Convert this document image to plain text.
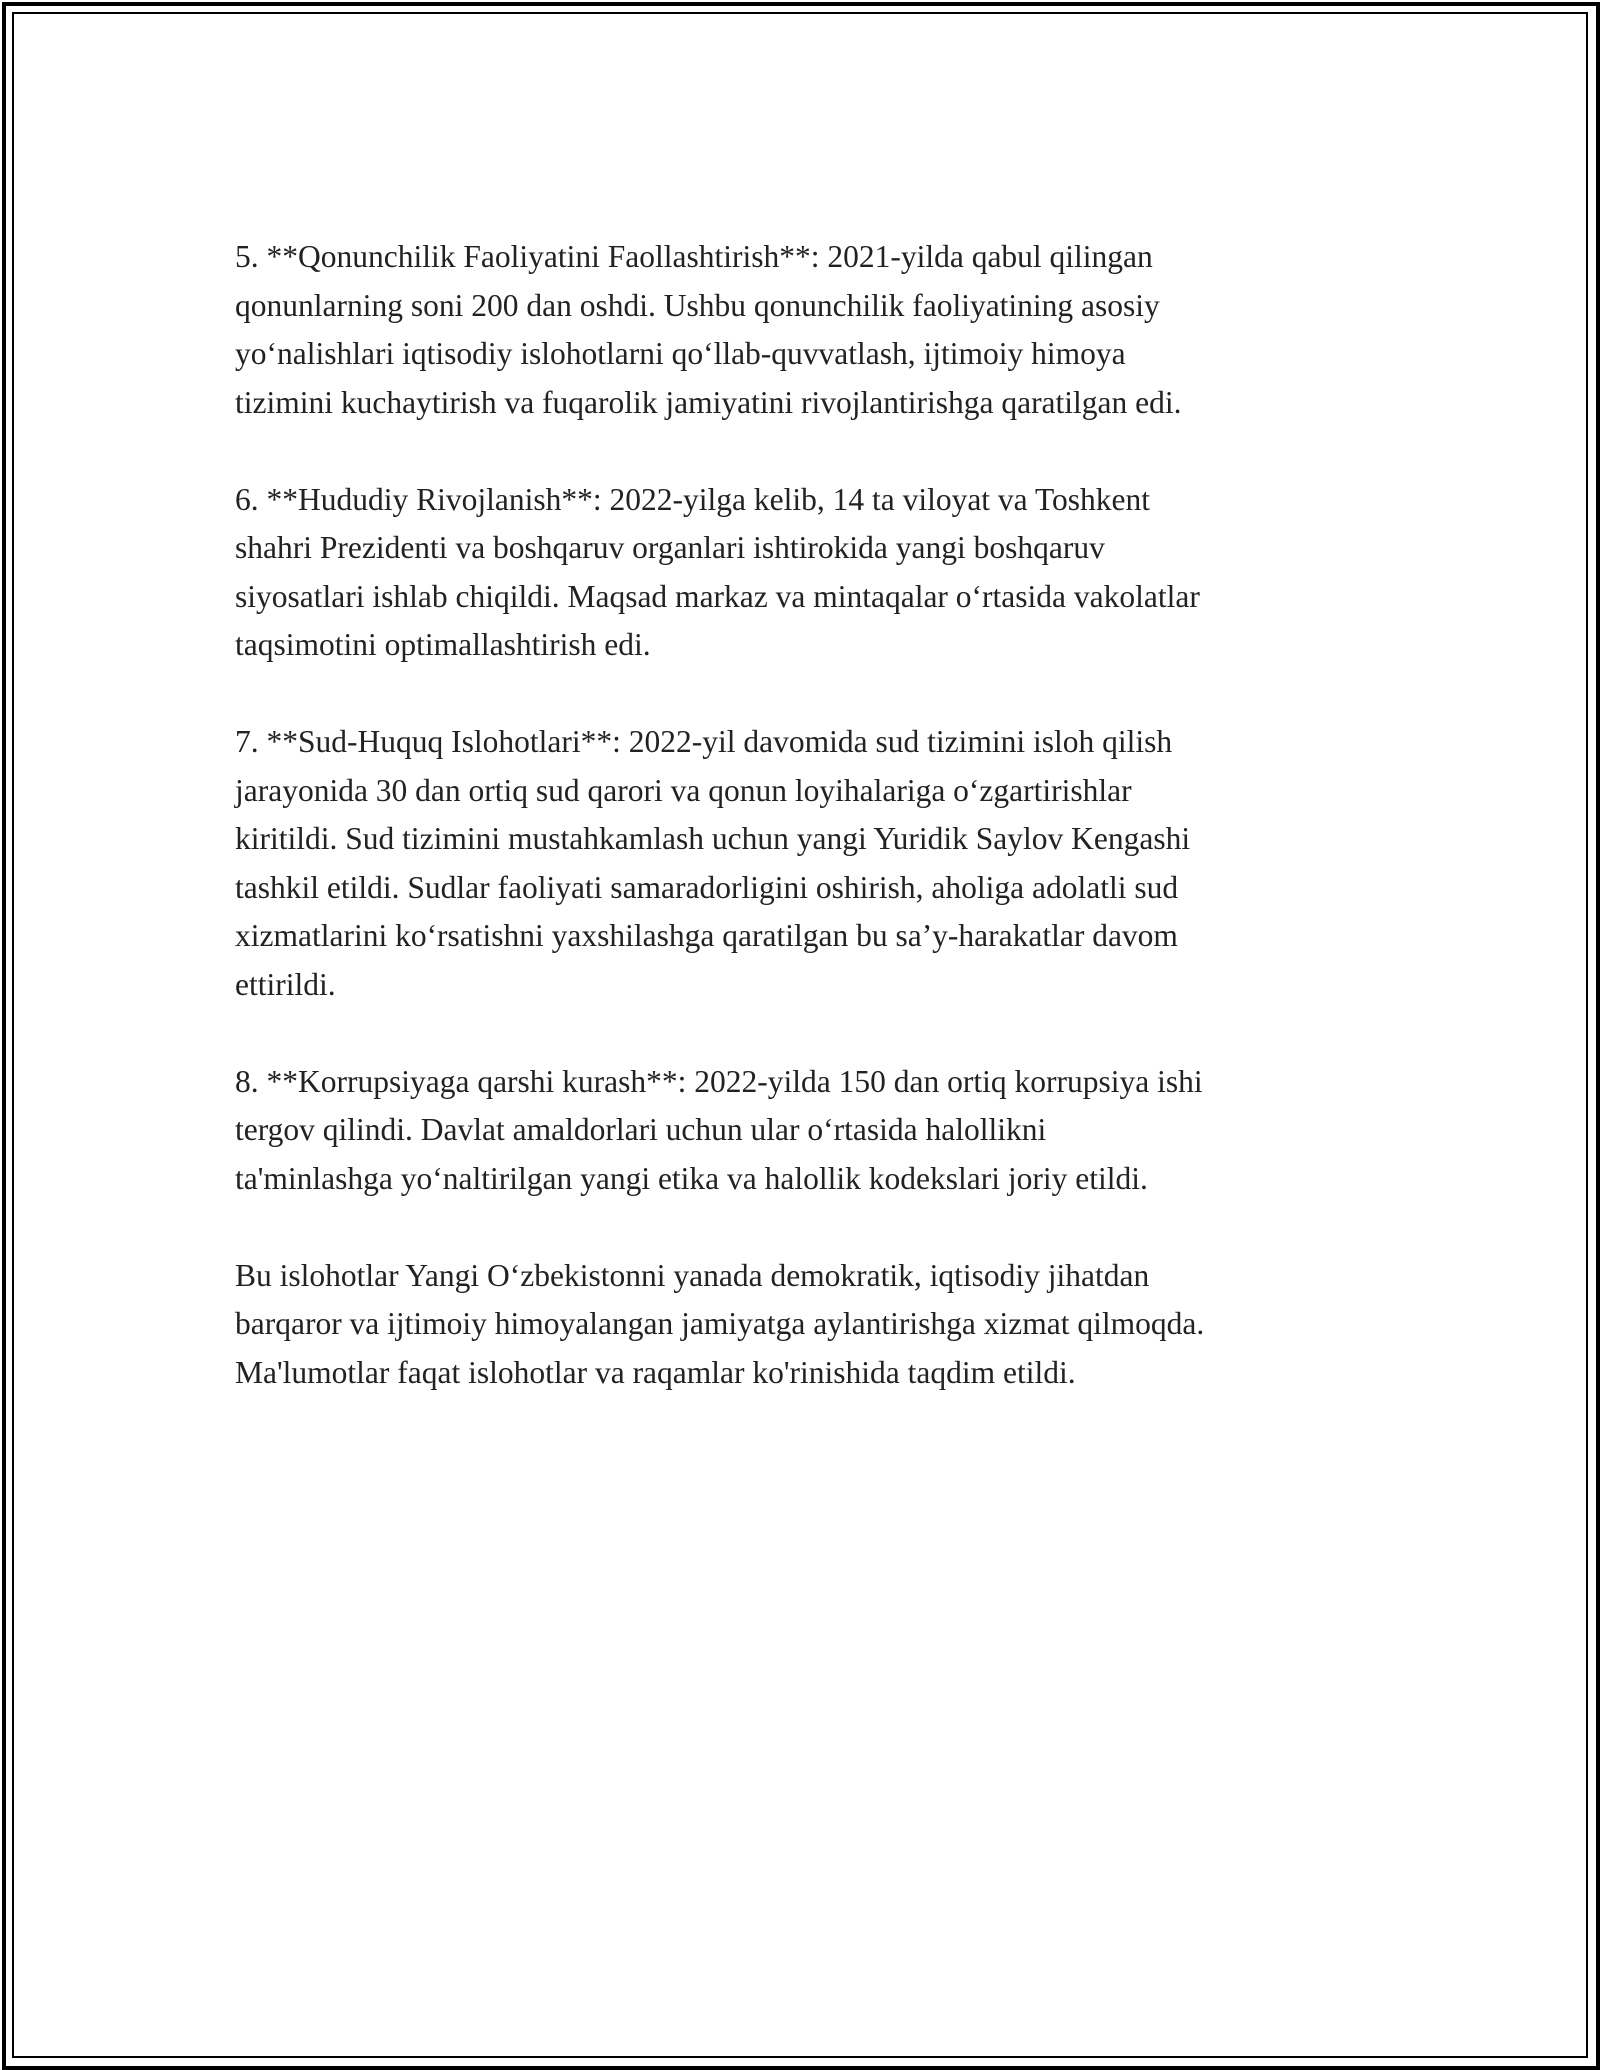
5. **Qonunchilik Faoliyatini Faollashtirish**: 2021-yilda qabul qilingan
qonunlarning soni 200 dan oshdi. Ushbu qonunchilik faoliyatining asosiy
yo‘nalishlari iqtisodiy islohotlarni qo‘llab-quvvatlash, ijtimoiy himoya
tizimini kuchaytirish va fuqarolik jamiyatini rivojlantirishga qaratilgan edi.

6. **Hududiy Rivojlanish**: 2022-yilga kelib, 14 ta viloyat va Toshkent
shahri Prezidenti va boshqaruv organlari ishtirokida yangi boshqaruv
siyosatlari ishlab chiqildi. Maqsad markaz va mintaqalar o‘rtasida vakolatlar
taqsimotini optimallashtirish edi.

7. **Sud-Huquq Islohotlari**: 2022-yil davomida sud tizimini isloh qilish
jarayonida 30 dan ortiq sud qarori va qonun loyihalariga o‘zgartirishlar
kiritildi. Sud tizimini mustahkamlash uchun yangi Yuridik Saylov Kengashi
tashkil etildi. Sudlar faoliyati samaradorligini oshirish, aholiga adolatli sud
xizmatlarini ko‘rsatishni yaxshilashga qaratilgan bu sa’y-harakatlar davom
ettirildi.

8. **Korrupsiyaga qarshi kurash**: 2022-yilda 150 dan ortiq korrupsiya ishi
tergov qilindi. Davlat amaldorlari uchun ular o‘rtasida halollikni
ta'minlashga yo‘naltirilgan yangi etika va halollik kodekslari joriy etildi.

Bu islohotlar Yangi O‘zbekistonni yanada demokratik, iqtisodiy jihatdan
barqaror va ijtimoiy himoyalangan jamiyatga aylantirishga xizmat qilmoqda.
Ma'lumotlar faqat islohotlar va raqamlar ko'rinishida taqdim etildi.
